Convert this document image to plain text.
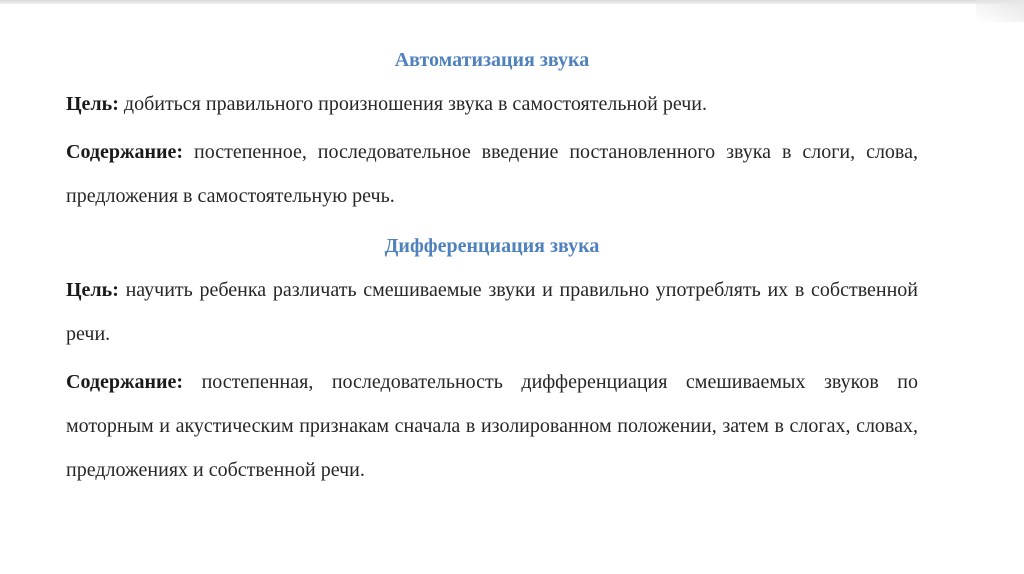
Автоматизация звука

Цель: добиться правильного произношения звука в самостоятельной речи.

Содержание: постепенное, последовательное введение постановленного звука в слоги, слова, предложения в самостоятельную речь.

Дифференциация звука

Цель: научить ребенка различать смешиваемые звуки и правильно употреблять их в собственной речи.

Содержание: постепенная, последовательность дифференциация смешиваемых звуков по моторным и акустическим признакам сначала в изолированном положении, затем в слогах, словах, предложениях и собственной речи.
